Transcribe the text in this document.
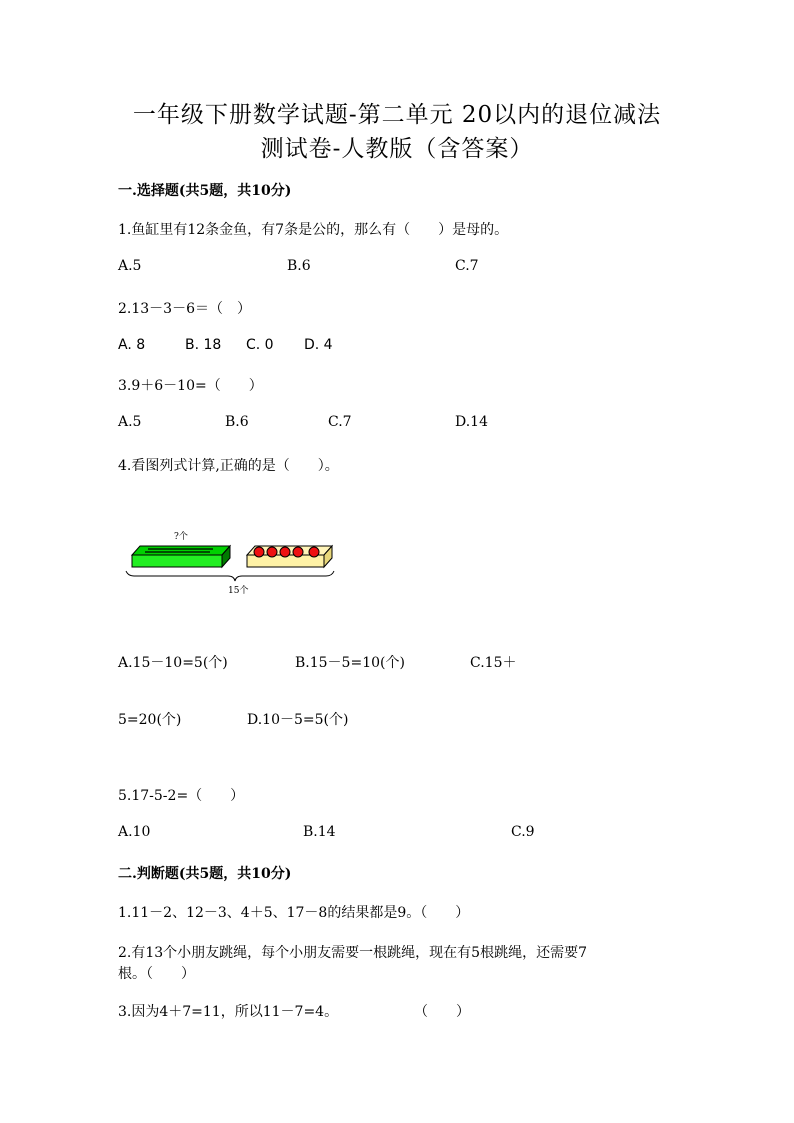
一年级下册数学试题-第二单元 20以内的退位减法
测试卷-人教版（含答案）
一.选择题(共5题，共10分)
1.鱼缸里有12条金鱼，有7条是公的，那么有（　　）是母的。
A.5	B.6	C.7
2.13－3－6＝（　）
A. 8	B. 18 C. 0 D. 4
3.9＋6－10=（　　）
A.5	B.6	C.7	D.14
4.看图列式计算,正确的是（　　）。
?个
15个
A.15－10=5(个)	B.15－5=10(个)	C.15＋
5=20(个)	D.10－5=5(个)
5.17-5-2=（　　）
A.10	B.14	C.9
二.判断题(共5题，共10分)
1.11－2、12－3、4＋5、17－8的结果都是9。（　　）
2.有13个小朋友跳绳，每个小朋友需要一根跳绳，现在有5根跳绳，还需要7
根。（　　）
3.因为4＋7=11，所以11－7=4。	（　　）
